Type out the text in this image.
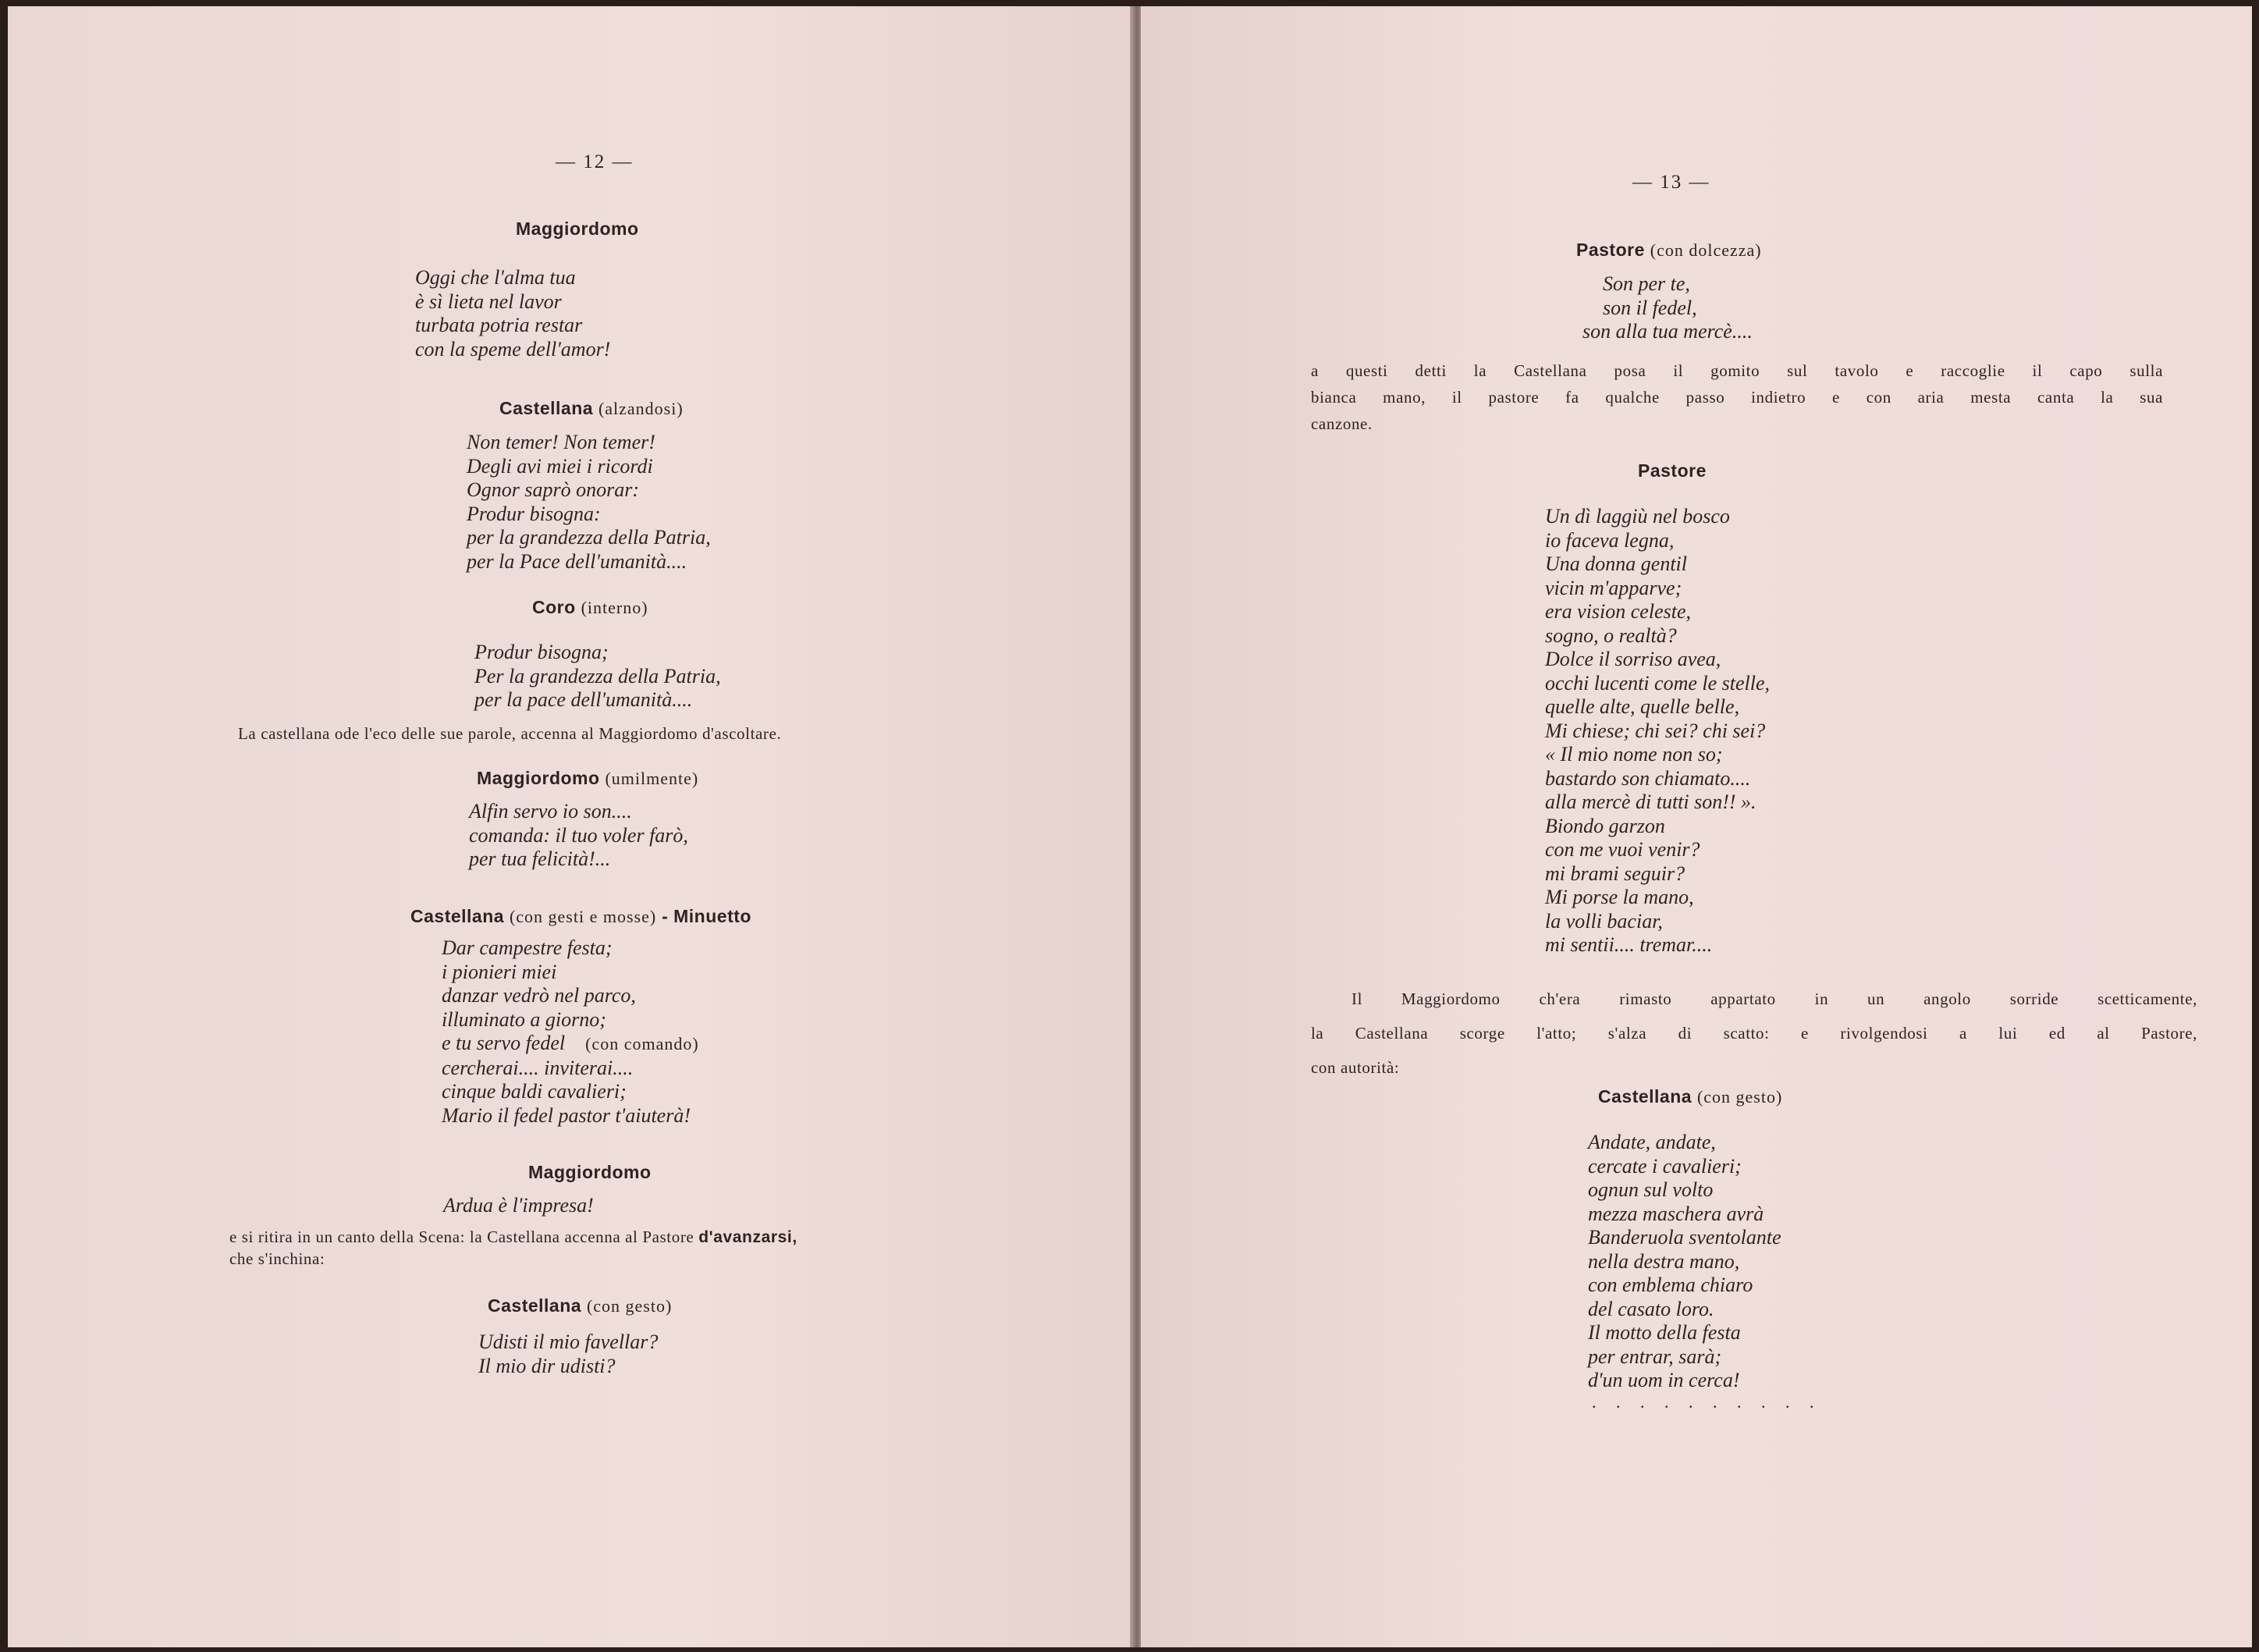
— 12 —
Maggiordomo
Oggi che l'alma tua
è sì lieta nel lavor
turbata potria restar
con la speme dell'amor!
Castellana (alzandosi)
Non temer! Non temer!
Degli avi miei i ricordi
Ognor saprò onorar:
Produr bisogna:
per la grandezza della Patria,
per la Pace dell'umanità....
Coro (interno)
Produr bisogna;
Per la grandezza della Patria,
per la pace dell'umanità....
La castellana ode l'eco delle sue parole, accenna al Maggiordomo d'ascoltare.
Maggiordomo (umilmente)
Alfin servo io son....
comanda: il tuo voler farò,
per tua felicità!...
Castellana (con gesti e mosse) - Minuetto
Dar campestre festa;
i pionieri miei
danzar vedrò nel parco,
illuminato a giorno;
e tu servo fedel (con comando)
cercherai.... inviterai....
cinque baldi cavalieri;
Mario il fedel pastor t'aiuterà!
Maggiordomo
Ardua è l'impresa!
e si ritira in un canto della Scena: la Castellana accenna al Pastore d'avanzarsi,
che s'inchina:
Castellana (con gesto)
Udisti il mio favellar?
Il mio dir udisti?
— 13 —
Pastore (con dolcezza)
Son per te,
son il fedel,
son alla tua mercè....
a questi detti la Castellana posa il gomito sul tavolo e raccoglie il capo sulla
bianca mano, il pastore fa qualche passo indietro e con aria mesta canta la sua
canzone.
Pastore
Un dì laggiù nel bosco
io faceva legna,
Una donna gentil
vicin m'apparve;
era vision celeste,
sogno, o realtà?
Dolce il sorriso avea,
occhi lucenti come le stelle,
quelle alte, quelle belle,
Mi chiese; chi sei? chi sei?
« Il mio nome non so;
bastardo son chiamato....
alla mercè di tutti son!! ».
Biondo garzon
con me vuoi venir?
mi brami seguir?
Mi porse la mano,
la volli baciar,
mi sentii.... tremar....
Il Maggiordomo ch'era rimasto appartato in un angolo sorride scetticamente,
la Castellana scorge l'atto; s'alza di scatto: e rivolgendosi a lui ed al Pastore,
con autorità:
Castellana (con gesto)
Andate, andate,
cercate i cavalieri;
ognun sul volto
mezza maschera avrà
Banderuola sventolante
nella destra mano,
con emblema chiaro
del casato loro.
Il motto della festa
per entrar, sarà;
d'un uom in cerca!
. . . . . . . . . .
